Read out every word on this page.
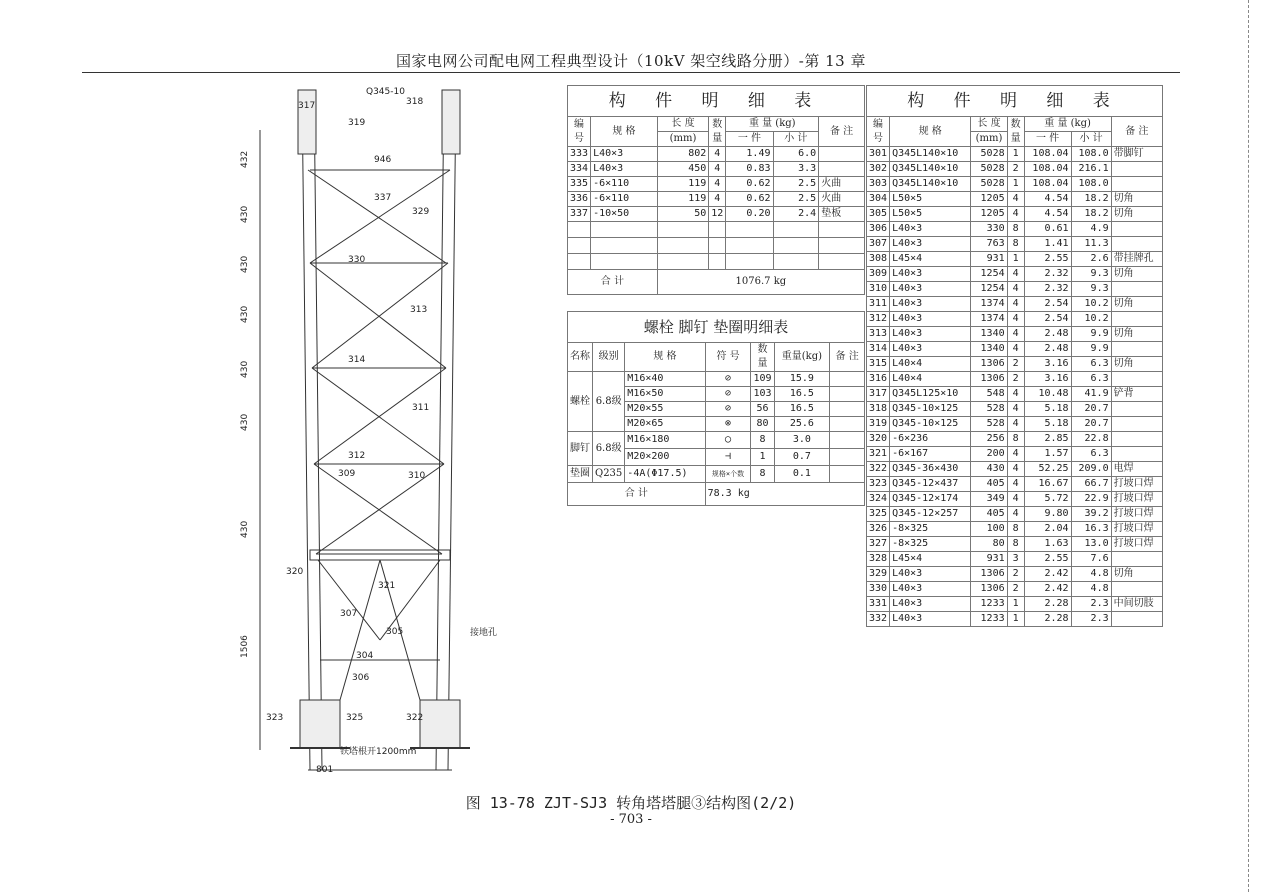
国家电网公司配电网工程典型设计（10kV 架空线路分册）-第 13 章
432
430
430
430
430
430
430
1506
Q345-10
318
317
319
946
337
329
330
313
314
311
312
309	310
320
321
307
305
304
306
接地孔
323	325	322
铁塔根开1200mm
801
构 件 明 细 表						
编号	规 格	长 度	数量	重 量 (kg)		备 注
		(mm)		一 件	小 计	
333	L40×3	802	4	1.49	6.0	
334	L40×3	450	4	0.83	3.3	
335	-6×110	119	4	0.62	2.5	火曲
336	-6×110	119	4	0.62	2.5	火曲
337	-10×50	50	12	0.20	2.4	垫板

合 计		1076.7 kg				
螺栓 脚钉 垫圈明细表						
名称	级别	规 格	符 号	数量	重量(kg)	备 注
螺栓	6.8级	M16×40	⊘	109	15.9	
		M16×50	⊘	103	16.5	
		M20×55	⊘	56	16.5	
		M20×65	⊗	80	25.6	
脚钉	6.8级	M16×180	◯	8	3.0	
		M20×200	⊣	1	0.7	
垫圈	Q235	-4A(Φ17.5)	规格×个数	8	0.1	
合 计			78.3 kg			
构 件 明 细 表						
编号	规 格	长 度	数量	重 量 (kg)		备 注
		(mm)		一 件	小 计	
301	Q345L140×10	5028	1	108.04	108.0	带脚钉
302	Q345L140×10	5028	2	108.04	216.1	
303	Q345L140×10	5028	1	108.04	108.0	
304	L50×5	1205	4	4.54	18.2	切角
305	L50×5	1205	4	4.54	18.2	切角
306	L40×3	330	8	0.61	4.9	
307	L40×3	763	8	1.41	11.3	
308	L45×4	931	1	2.55	2.6	带挂牌孔
309	L40×3	1254	4	2.32	9.3	切角
310	L40×3	1254	4	2.32	9.3	
311	L40×3	1374	4	2.54	10.2	切角
312	L40×3	1374	4	2.54	10.2	
313	L40×3	1340	4	2.48	9.9	切角
314	L40×3	1340	4	2.48	9.9	
315	L40×4	1306	2	3.16	6.3	切角
316	L40×4	1306	2	3.16	6.3	
317	Q345L125×10	548	4	10.48	41.9	铲背
318	Q345-10×125	528	4	5.18	20.7	
319	Q345-10×125	528	4	5.18	20.7	
320	-6×236	256	8	2.85	22.8	
321	-6×167	200	4	1.57	6.3	
322	Q345-36×430	430	4	52.25	209.0	电焊
323	Q345-12×437	405	4	16.67	66.7	打坡口焊
324	Q345-12×174	349	4	5.72	22.9	打坡口焊
325	Q345-12×257	405	4	9.80	39.2	打坡口焊
326	-8×325	100	8	2.04	16.3	打坡口焊
327	-8×325	80	8	1.63	13.0	打坡口焊
328	L45×4	931	3	2.55	7.6	
329	L40×3	1306	2	2.42	4.8	切角
330	L40×3	1306	2	2.42	4.8	
331	L40×3	1233	1	2.28	2.3	中间切肢
332	L40×3	1233	1	2.28	2.3	
图 13-78 ZJT-SJ3 转角塔塔腿③结构图(2/2)
- 703 -
